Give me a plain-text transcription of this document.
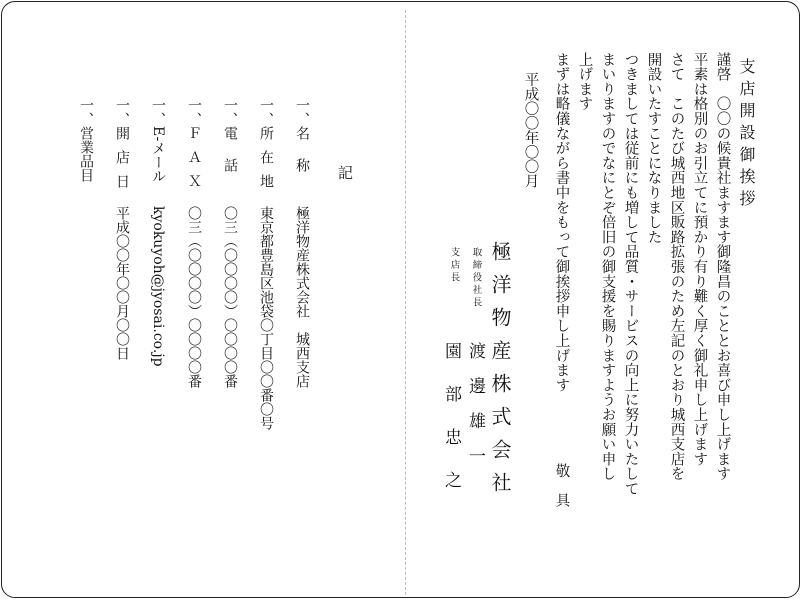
支店開設御挨拶
謹啓　〇〇の候貴社ますます御隆昌のこととお喜び申し上げます
平素は格別のお引立てに預かり有り難く厚く御礼申し上げます
さて　このたび城西地区販路拡張のため左記のとおり城西支店を
開設いたすことになりました
つきましては従前にも増して品質・サービスの向上に努力いたして
まいりますのでなにとぞ倍旧の御支援を賜りますようお願い申し
上げます
まずは略儀ながら書中をもって御挨拶申し上げます
敬　具
平成〇〇年〇〇月
極洋物産株式会社
取締役社長
支店長
渡邊雄一
園部忠之
記
一、名　称極洋物産株式会社　城西支店
一、所在地東京都豊島区池袋〇丁目〇〇番〇号
一、電　話〇三（〇〇〇〇）〇〇〇〇番
一、ＦＡＸ〇三（〇〇〇〇）〇〇〇〇番
一、E-メールkyokuyoh@jyosai.co.jp
一、開店日平成〇〇年〇〇月〇〇日
一、営業品目
